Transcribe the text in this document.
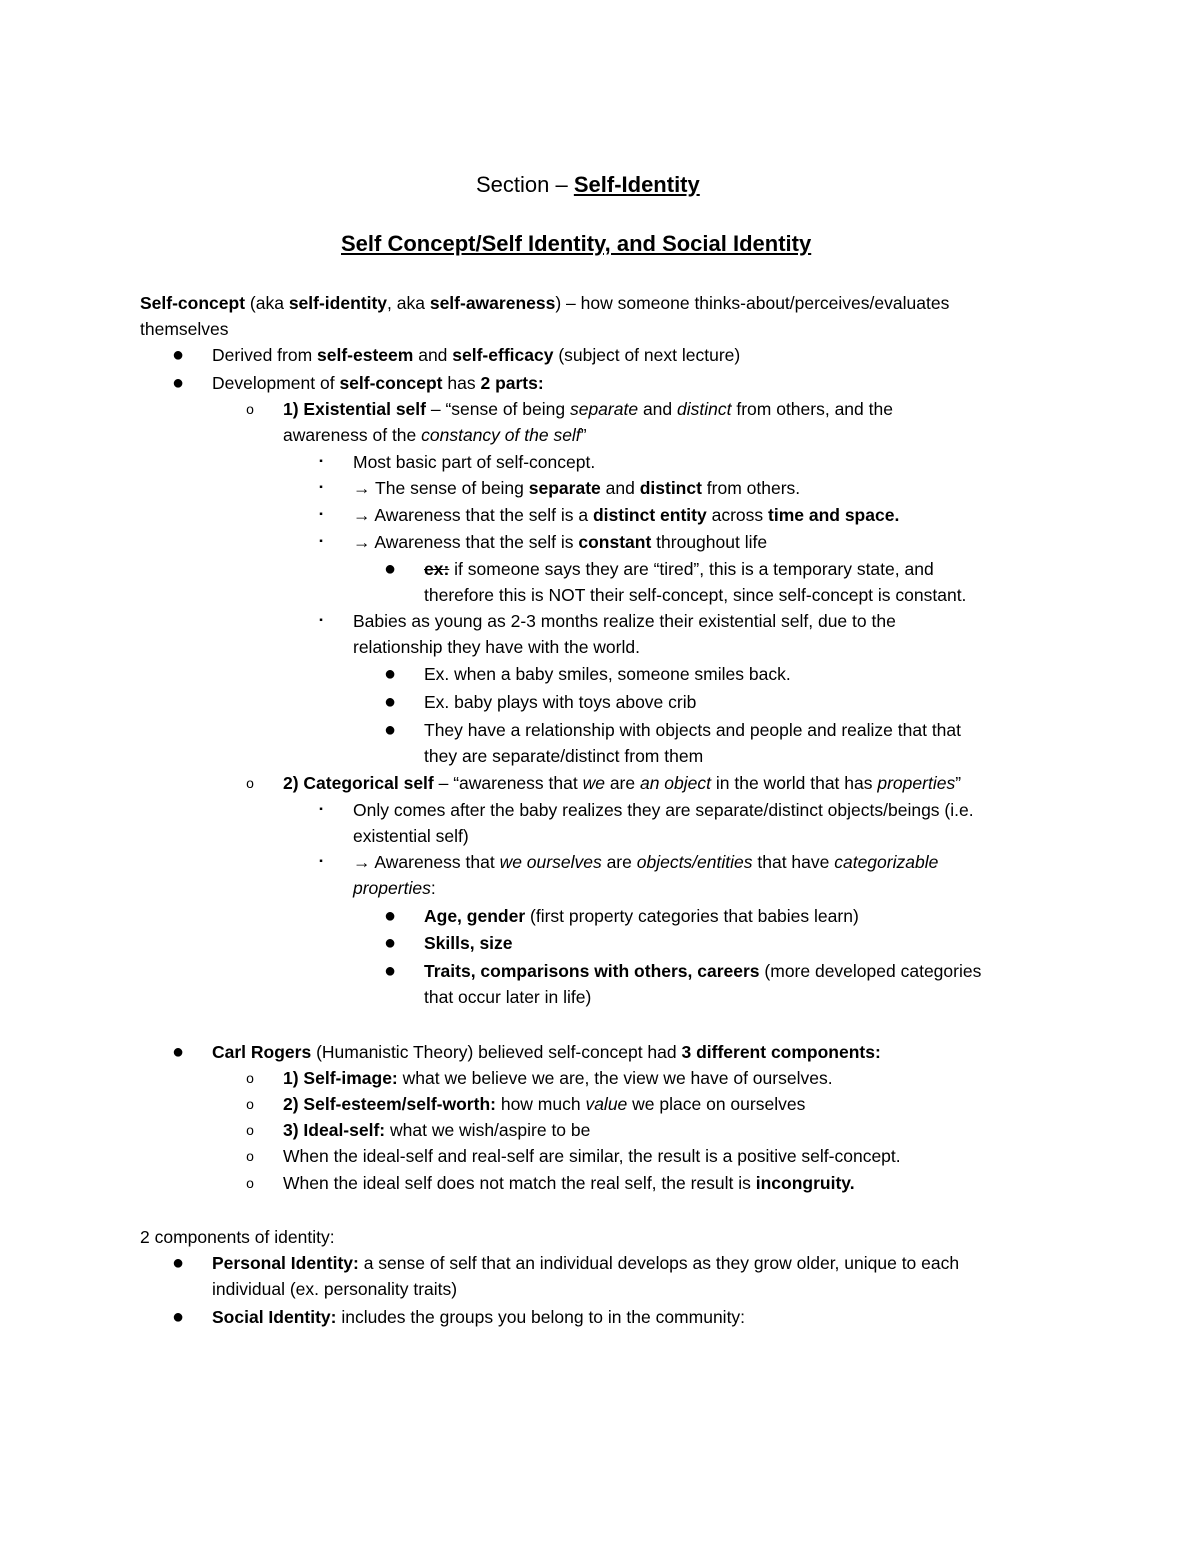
Section – Self-Identity
Self Concept/Self Identity, and Social Identity
Self-concept (aka self-identity, aka self-awareness) – how someone thinks-about/perceives/evaluates
themselves
● Derived from self-esteem and self-efficacy (subject of next lecture)
● Development of self-concept has 2 parts:
o	1) Existential self – “sense of being separate and distinct from others, and the
awareness of the constancy of the self”
▪	Most basic part of self-concept.
▪	→ The sense of being separate and distinct from others.
▪	→ Awareness that the self is a distinct entity across time and space.
▪	→ Awareness that the self is constant throughout life
● ex: if someone says they are “tired”, this is a temporary state, and
therefore this is NOT their self-concept, since self-concept is constant.
▪	Babies as young as 2-3 months realize their existential self, due to the
relationship they have with the world.
● Ex. when a baby smiles, someone smiles back.
● Ex. baby plays with toys above crib
● They have a relationship with objects and people and realize that that
they are separate/distinct from them
o	2) Categorical self – “awareness that we are an object in the world that has properties”
▪	Only comes after the baby realizes they are separate/distinct objects/beings (i.e.
existential self)
▪	→ Awareness that we ourselves are objects/entities that have categorizable
properties:
● Age, gender (first property categories that babies learn)
● Skills, size
● Traits, comparisons with others, careers (more developed categories
that occur later in life)
● Carl Rogers (Humanistic Theory) believed self-concept had 3 different components:
o	1) Self-image: what we believe we are, the view we have of ourselves.
o	2) Self-esteem/self-worth: how much value we place on ourselves
o	3) Ideal-self: what we wish/aspire to be
o	When the ideal-self and real-self are similar, the result is a positive self-concept.
o	When the ideal self does not match the real self, the result is incongruity.
2 components of identity:
● Personal Identity: a sense of self that an individual develops as they grow older, unique to each
individual (ex. personality traits)
● Social Identity: includes the groups you belong to in the community:
